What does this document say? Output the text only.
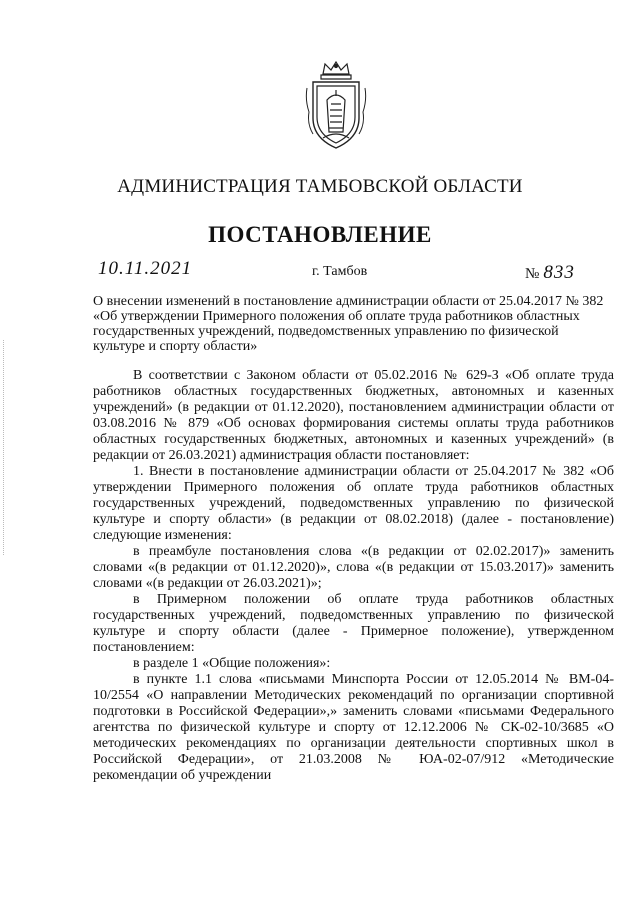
АДМИНИСТРАЦИЯ ТАМБОВСКОЙ ОБЛАСТИ
ПОСТАНОВЛЕНИЕ
10.11.2021	г. Тамбов	№ 833
О внесении изменений в постановление администрации области от 25.04.2017 № 382 «Об утверждении Примерного положения об оплате труда работников областных государственных учреждений, подведомственных управлению по физической культуре и спорту области»

В соответствии с Законом области от 05.02.2016 № 629-З «Об оплате труда работников областных государственных бюджетных, автономных и казенных учреждений» (в редакции от 01.12.2020), постановлением администрации области от 03.08.2016 № 879 «Об основах формирования системы оплаты труда работников областных государственных бюджетных, автономных и казенных учреждений» (в редакции от 26.03.2021) администрация области постановляет:

1. Внести в постановление администрации области от 25.04.2017 № 382 «Об утверждении Примерного положения об оплате труда работников областных государственных учреждений, подведомственных управлению по физической культуре и спорту области» (в редакции от 08.02.2018) (далее - постановление) следующие изменения:

в преамбуле постановления слова «(в редакции от 02.02.2017)» заменить словами «(в редакции от 01.12.2020)», слова «(в редакции от 15.03.2017)» заменить словами «(в редакции от 26.03.2021)»;

в Примерном положении об оплате труда работников областных государственных учреждений, подведомственных управлению по физической культуре и спорту области (далее - Примерное положение), утвержденном постановлением:

в разделе 1 «Общие положения»:

в пункте 1.1 слова «письмами Минспорта России от 12.05.2014 № ВМ-04-10/2554 «О направлении Методических рекомендаций по организации спортивной подготовки в Российской Федерации»,» заменить словами «письмами Федерального агентства по физической культуре и спорту от 12.12.2006 № СК-02-10/3685 «О методических рекомендациях по организации деятельности спортивных школ в Российской Федерации», от 21.03.2008 № ЮА-02-07/912 «Методические рекомендации об учреждении
